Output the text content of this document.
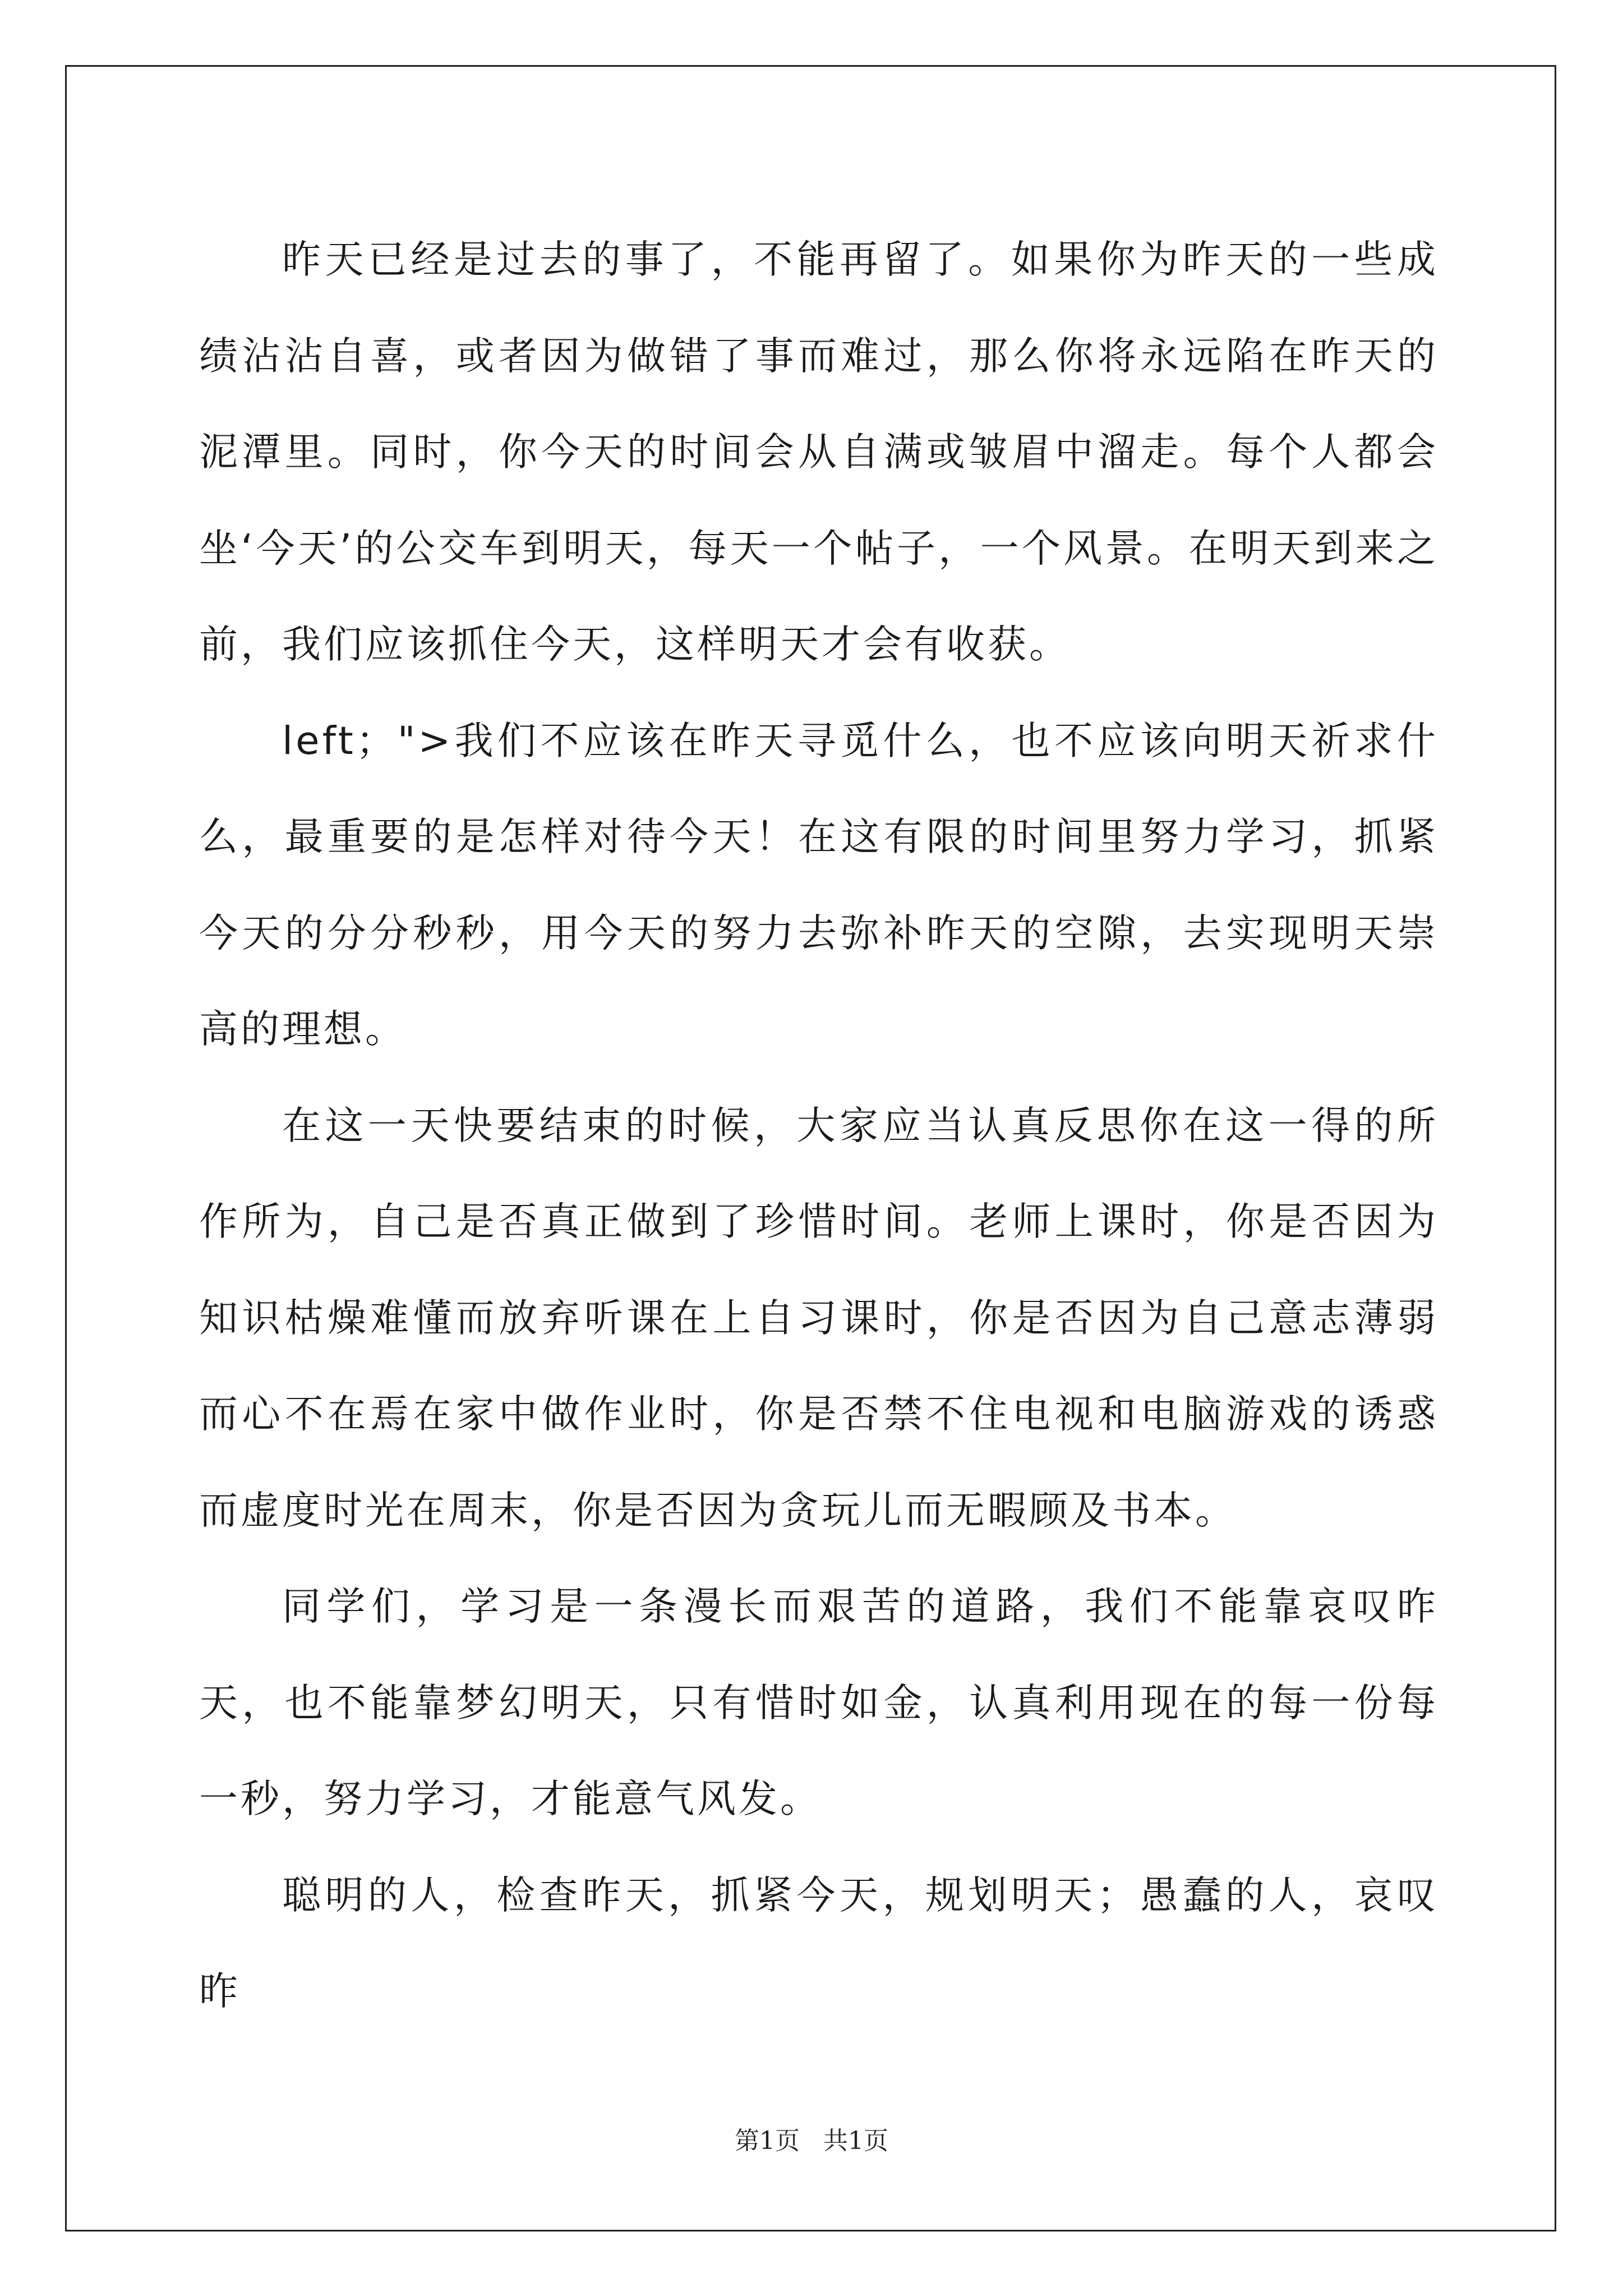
昨天已经是过去的事了，不能再留了。如果你为昨天的一些成绩沾沾自喜，或者因为做错了事而难过，那么你将永远陷在昨天的泥潭里。同时，你今天的时间会从自满或皱眉中溜走。每个人都会坐‘今天’的公交车到明天，每天一个帖子，一个风景。在明天到来之前，我们应该抓住今天，这样明天才会有收获。

left；">我们不应该在昨天寻觅什么，也不应该向明天祈求什么，最重要的是怎样对待今天！在这有限的时间里努力学习，抓紧今天的分分秒秒，用今天的努力去弥补昨天的空隙，去实现明天崇高的理想。

在这一天快要结束的时候，大家应当认真反思你在这一得的所作所为，自己是否真正做到了珍惜时间。老师上课时，你是否因为知识枯燥难懂而放弃听课在上自习课时，你是否因为自己意志薄弱而心不在焉在家中做作业时，你是否禁不住电视和电脑游戏的诱惑而虚度时光在周末，你是否因为贪玩儿而无暇顾及书本。

同学们，学习是一条漫长而艰苦的道路，我们不能靠哀叹昨天，也不能靠梦幻明天，只有惜时如金，认真利用现在的每一份每一秒，努力学习，才能意气风发。

聪明的人，检查昨天，抓紧今天，规划明天；愚蠢的人，哀叹昨

第1页   共1页
